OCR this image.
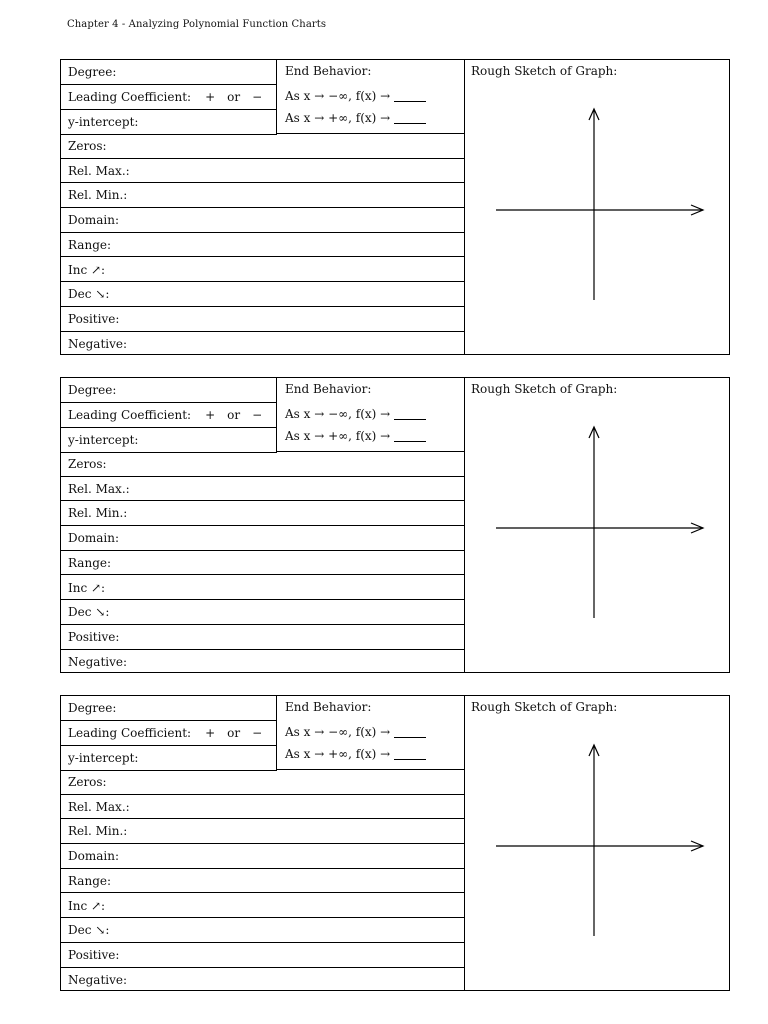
Chapter 4 - Analyzing Polynomial Function Charts
Degree:
Leading Coefficient: + or −
y-intercept:
Zeros:
Rel. Max.:
Rel. Min.:
Domain:
Range:
Inc ↗:
Dec ↘:
Positive:
Negative:
End Behavior:
As x → −∞, f(x) →
As x → +∞, f(x) →
Rough Sketch of Graph:
Degree:
Leading Coefficient: + or −
y-intercept:
Zeros:
Rel. Max.:
Rel. Min.:
Domain:
Range:
Inc ↗:
Dec ↘:
Positive:
Negative:
End Behavior:
As x → −∞, f(x) →
As x → +∞, f(x) →
Rough Sketch of Graph:
Degree:
Leading Coefficient: + or −
y-intercept:
Zeros:
Rel. Max.:
Rel. Min.:
Domain:
Range:
Inc ↗:
Dec ↘:
Positive:
Negative:
End Behavior:
As x → −∞, f(x) →
As x → +∞, f(x) →
Rough Sketch of Graph:
